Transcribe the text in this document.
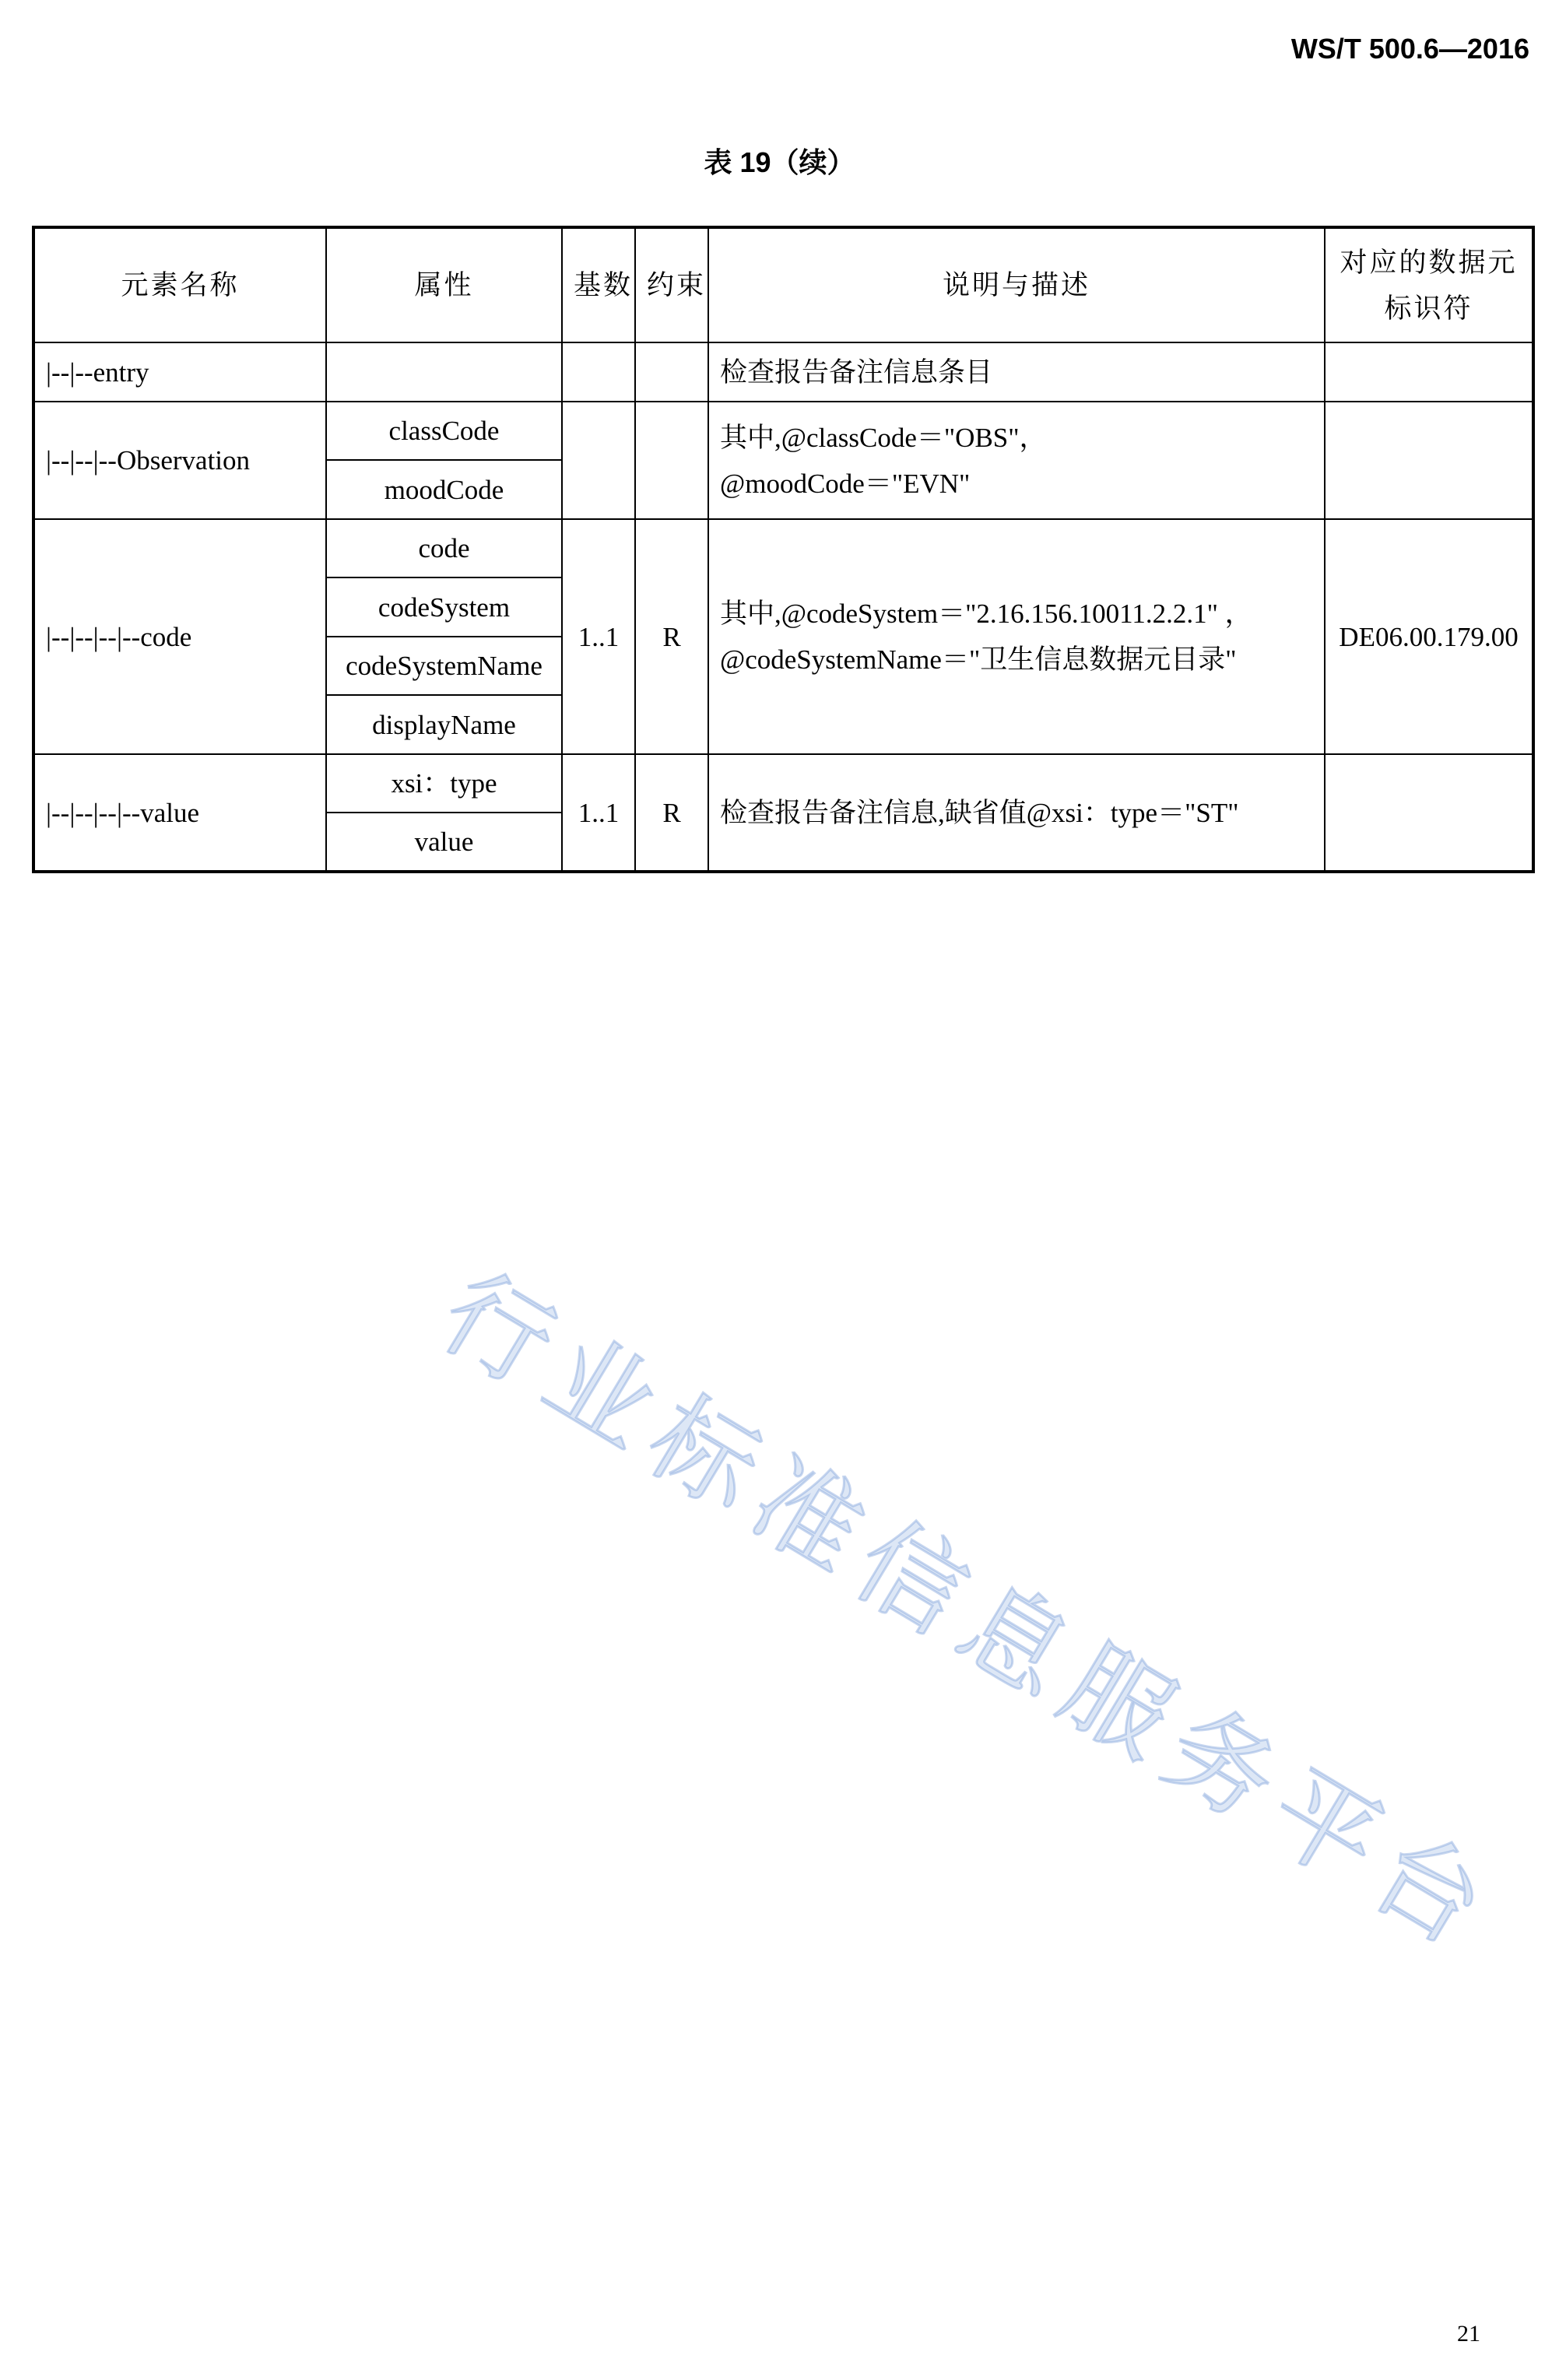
WS/T 500.6—2016
表 19（续）
元素名称	属性	基数	约束	说明与描述	对应的数据元
标识符
|--|--entry				检查报告备注信息条目	
|--|--|--Observation	classCode			其中,@classCode＝"OBS"，
@moodCode＝"EVN"	
	moodCode				
|--|--|--|--code	code	1..1	R	其中,@codeSystem＝"2.16.156.10011.2.2.1" ，
@codeSystemName＝"卫生信息数据元目录"	DE06.00.179.00
	codeSystem				
	codeSystemName				
	displayName				
|--|--|--|--value	xsi：type	1..1	R	检查报告备注信息,缺省值@xsi：type＝"ST"	
	value				
行业标准信息服务平台
21
